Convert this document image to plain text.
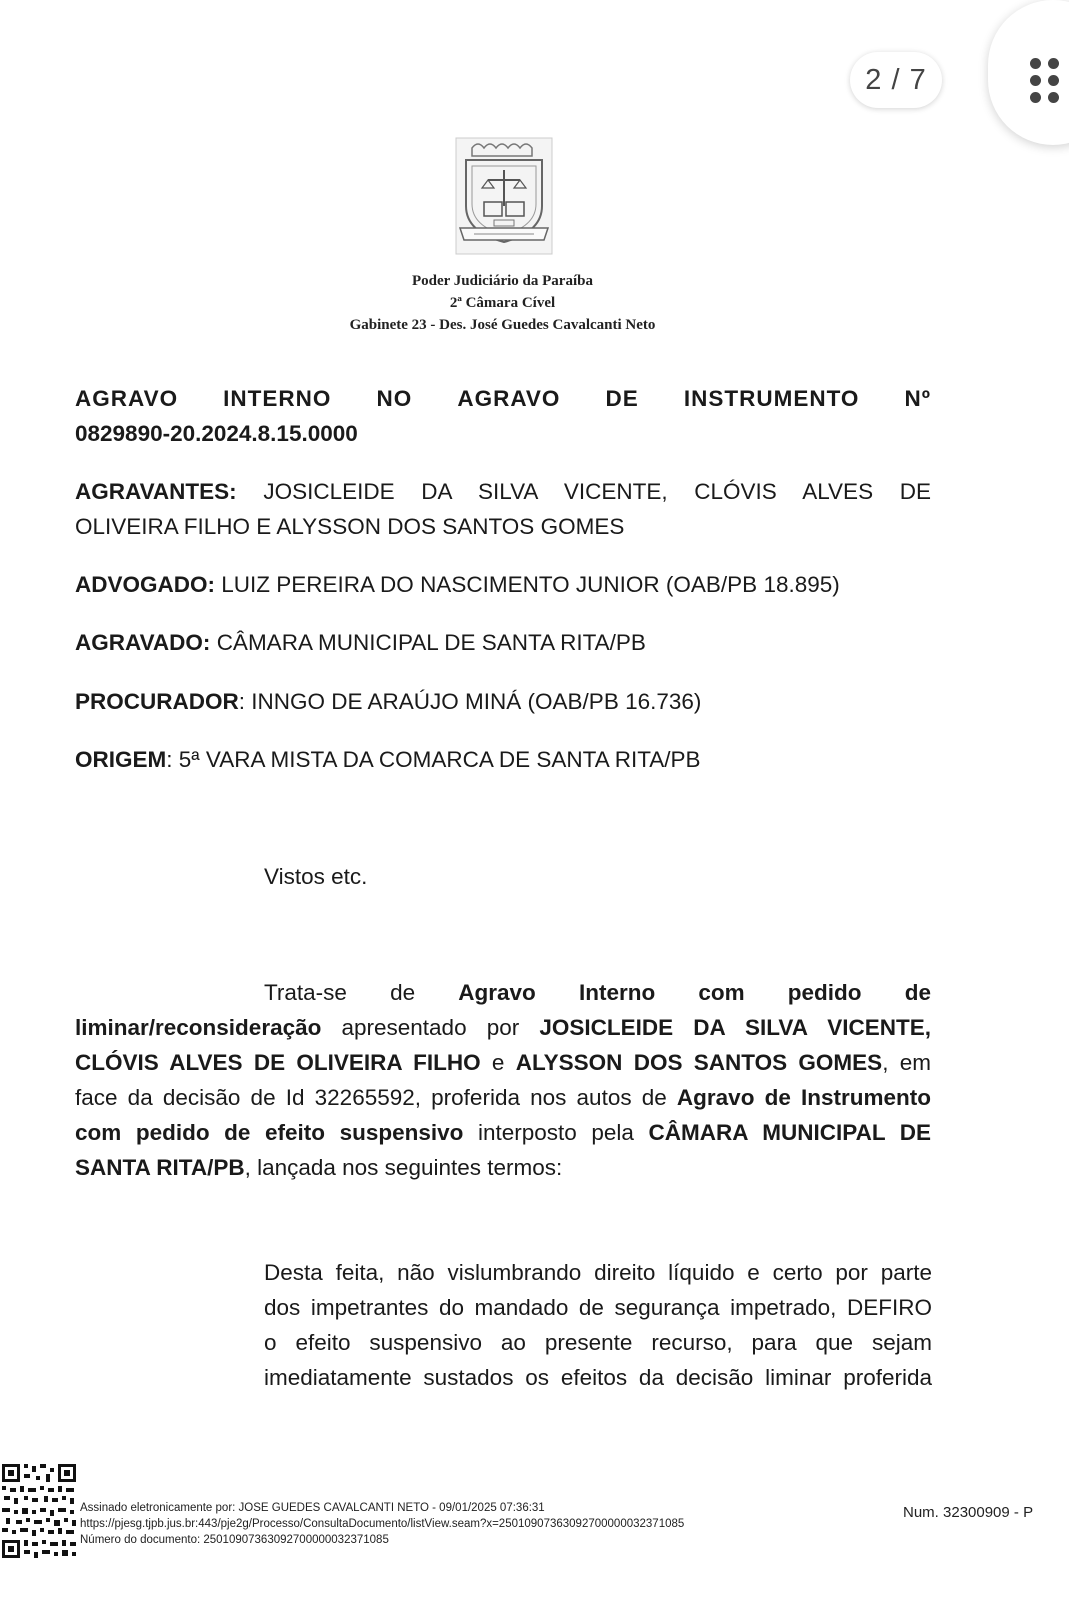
2 / 7
Poder Judiciário da Paraíba
2ª Câmara Cível
Gabinete 23 - Des. José Guedes Cavalcanti Neto
AGRAVO INTERNO NO AGRAVO DE INSTRUMENTO Nº
0829890-20.2024.8.15.0000
AGRAVANTES: JOSICLEIDE DA SILVA VICENTE, CLÓVIS ALVES DE
OLIVEIRA FILHO E ALYSSON DOS SANTOS GOMES
ADVOGADO: LUIZ PEREIRA DO NASCIMENTO JUNIOR (OAB/PB 18.895)
AGRAVADO: CÂMARA MUNICIPAL DE SANTA RITA/PB
PROCURADOR: INNGO DE ARAÚJO MINÁ (OAB/PB 16.736)
ORIGEM: 5ª VARA MISTA DA COMARCA DE SANTA RITA/PB
Vistos etc.
Trata-se de Agravo Interno com pedido de
liminar/reconsideração apresentado por JOSICLEIDE DA SILVA VICENTE,
CLÓVIS ALVES DE OLIVEIRA FILHO e ALYSSON DOS SANTOS GOMES, em
face da decisão de Id 32265592, proferida nos autos de Agravo de Instrumento
com pedido de efeito suspensivo interposto pela CÂMARA MUNICIPAL DE
SANTA RITA/PB, lançada nos seguintes termos:
Desta feita, não vislumbrando direito líquido e certo por parte
dos impetrantes do mandado de segurança impetrado, DEFIRO
o efeito suspensivo ao presente recurso, para que sejam
imediatamente sustados os efeitos da decisão liminar proferida
Assinado eletronicamente por: JOSE GUEDES CAVALCANTI NETO - 09/01/2025 07:36:31
https://pjesg.tjpb.jus.br:443/pje2g/Processo/ConsultaDocumento/listView.seam?x=25010907363092700000032371085
Número do documento: 25010907363092700000032371085
Num. 32300909 - P
